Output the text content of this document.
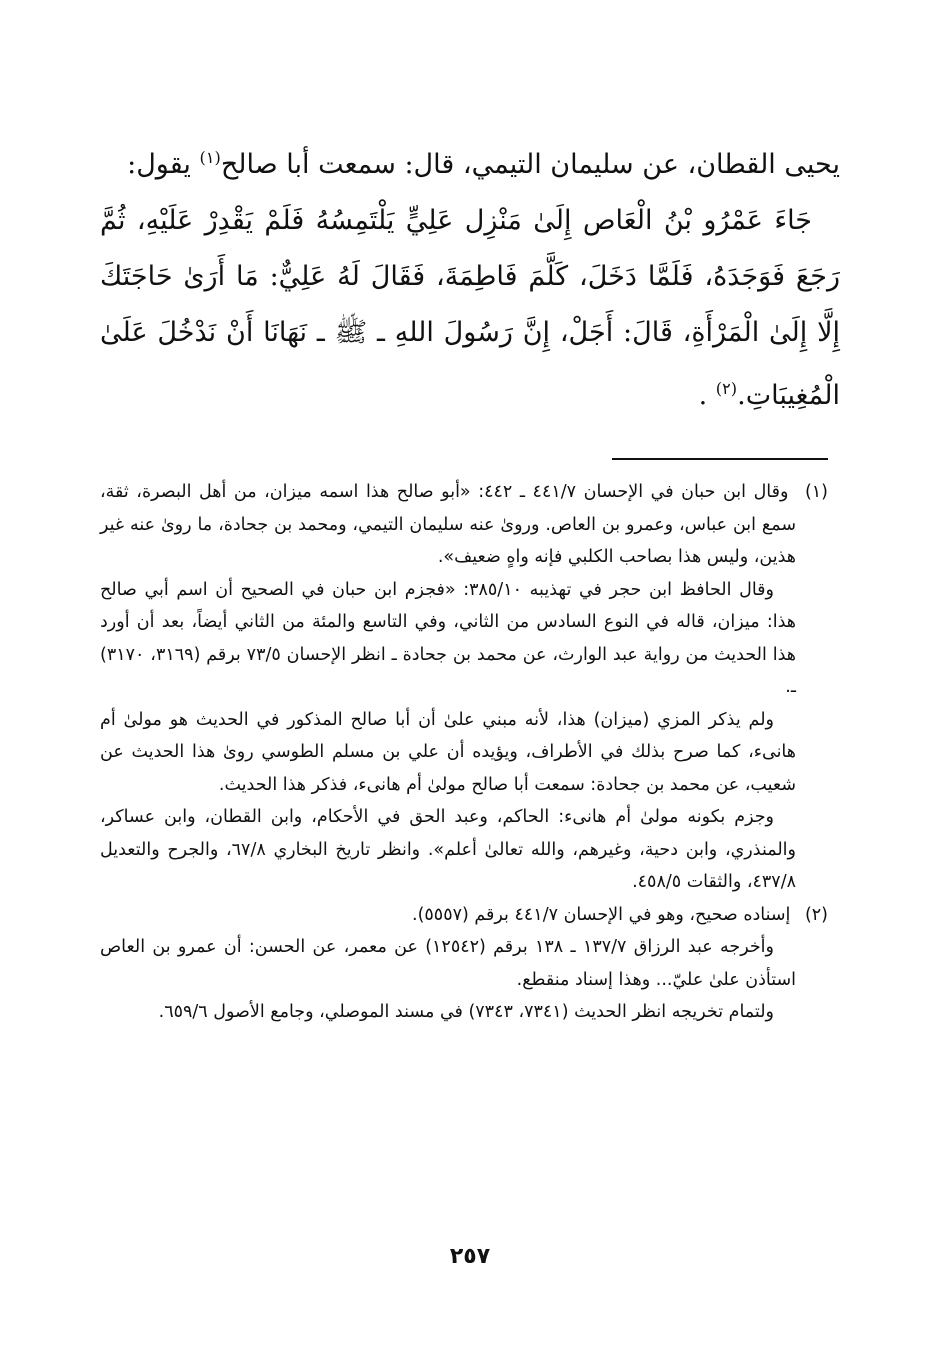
يحيى القطان، عن سليمان التيمي، قال: سمعت أبا صالح$^{(١)}$ يقول:

جَاءَ عَمْرُو بْنُ الْعَاص إِلَىٰ مَنْزِل عَلِيٍّ يَلْتَمِسُهُ فَلَمْ يَقْدِرْ عَلَيْهِ، ثُمَّ رَجَعَ فَوَجَدَهُ، فَلَمَّا دَخَلَ، كَلَّمَ فَاطِمَةَ، فَقَالَ لَهُ عَلِيٌّ: مَا أَرَىٰ حَاجَتَكَ إِلَّا إِلَىٰ الْمَرْأَةِ، قَالَ: أَجَلْ، إِنَّ رَسُولَ اللهِ ـ ﷺ ـ نَهَانَا أَنْ نَدْخُلَ عَلَىٰ الْمُغِيبَاتِ.$^{(٢)}$ .

(١) وقال ابن حبان في الإحسان ٤٤١/٧ ـ ٤٤٢: «أبو صالح هذا اسمه ميزان، من أهل البصرة، ثقة، سمع ابن عباس، وعمرو بن العاص. وروىٰ عنه سليمان التيمي، ومحمد بن جحادة، ما روىٰ عنه غير هذين، وليس هذا بصاحب الكلبي فإنه واهٍ ضعيف».

وقال الحافظ ابن حجر في تهذيبه ٣٨٥/١٠: «فجزم ابن حبان في الصحيح أن اسم أبي صالح هذا: ميزان، قاله في النوع السادس من الثاني، وفي التاسع والمئة من الثاني أيضاً، بعد أن أورد هذا الحديث من رواية عبد الوارث، عن محمد بن جحادة ـ انظر الإحسان ٧٣/٥ برقم (٣١٦٩، ٣١٧٠) ـ.

ولم يذكر المزي (ميزان) هذا، لأنه مبني علىٰ أن أبا صالح المذكور في الحديث هو مولىٰ أم هانىء، كما صرح بذلك في الأطراف، ويؤيده أن علي بن مسلم الطوسي روىٰ هذا الحديث عن شعيب، عن محمد بن جحادة: سمعت أبا صالح مولىٰ أم هانىء، فذكر هذا الحديث.

وجزم بكونه مولىٰ أم هانىء: الحاكم، وعبد الحق في الأحكام، وابن القطان، وابن عساكر، والمنذري، وابن دحية، وغيرهم، والله تعالىٰ أعلم». وانظر تاريخ البخاري ٦٧/٨، والجرح والتعديل ٤٣٧/٨، والثقات ٤٥٨/٥.

(٢) إسناده صحيح، وهو في الإحسان ٤٤١/٧ برقم (٥٥٥٧).

وأخرجه عبد الرزاق ١٣٧/٧ ـ ١٣٨ برقم (١٢٥٤٢) عن معمر، عن الحسن: أن عمرو بن العاص استأذن علىٰ عليّ... وهذا إسناد منقطع.

ولتمام تخريجه انظر الحديث (٧٣٤١، ٧٣٤٣) في مسند الموصلي، وجامع الأصول ٦٥٩/٦.

٢٥٧
